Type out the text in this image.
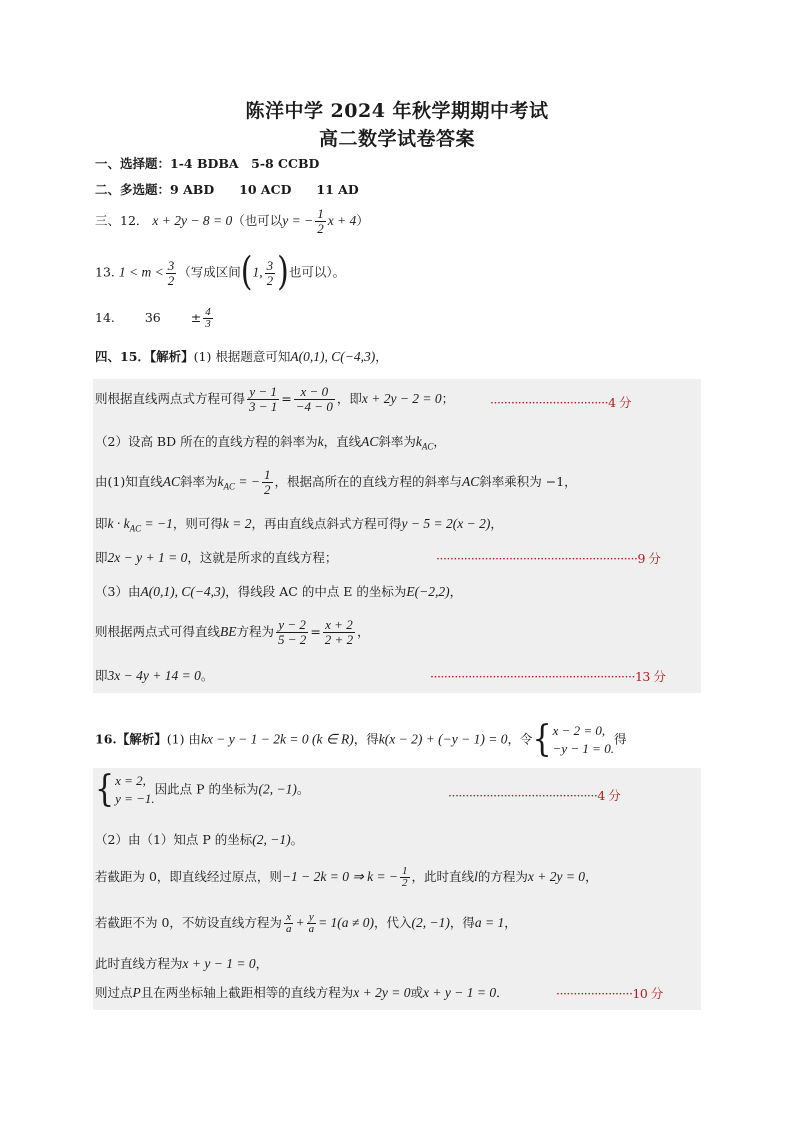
陈洋中学 2024 年秋学期期中考试
高二数学试卷答案
一、选择题：1-4 BDBA　5-8 CCBD
二、多选题：9 ABD　　10 ACD　　11 AD
三、12． x + 2y − 8 = 0（也可以y = − $\frac{1}{2}$ x + 4）
13. $1 < m < \frac{3}{2}$ （写成区间(1, $\frac{3}{2}$ )也可以）。
14. $36 \pm \frac{4}{3}$
四、15．【解析】(1) 根据题意可知A(0,1), C(−4,3)，
则根据直线两点式方程可得 $\frac{y - 1}{3 - 1} = \frac{x - 0}{-4 - 0}$ ，即x + 2y − 2 = 0；	··································4 分
（2）设高 BD 所在的直线方程的斜率为k，直线AC斜率为$k_{AC}$，
由(1)知直线AC斜率为$k_{AC}$ = − $\frac{1}{2}$ ，根据高所在的直线方程的斜率与AC斜率乘积为 −1，
即$k \cdot k_{AC} = -1$，则可得k = 2，再由直线点斜式方程可得y − 5 = 2(x − 2)，
即2x − y + 1 = 0，这就是所求的直线方程；	··························································9 分
（3）由A(0,1), C(−4,3)，得线段 AC 的中点 E 的坐标为E(−2,2)，
则根据两点式可得直线BE方程为 $\frac{y - 2}{5 - 2} = \frac{x + 2}{2 + 2}$ ，
即3x − 4y + 14 = 0。	···························································13 分
16.【解析】(1) 由kx − y − 1 − 2k = 0 (k ∈ R)，得k(x − 2) + (−y − 1) = 0，令{ x − 2 = 0,
−y − 1 = 0.
得
{ x = 2,
y = −1.
因此点 P 的坐标为(2, −1)。	···········································4 分
（2）由（1）知点 P 的坐标(2, −1)。
若截距为 0，即直线经过原点，则−1 − 2k = 0 ⇒ k = − $\frac{1}{2}$ ，此时直线l的方程为x + 2y = 0，
若截距不为 0，不妨设直线方程为 $\frac{x}{a} + \frac{y}{a} = 1(a \ne 0)$，代入(2, −1)，得a = 1，
此时直线方程为x + y − 1 = 0，
则过点P且在两坐标轴上截距相等的直线方程为x + 2y = 0或x + y − 1 = 0．	······················10 分
